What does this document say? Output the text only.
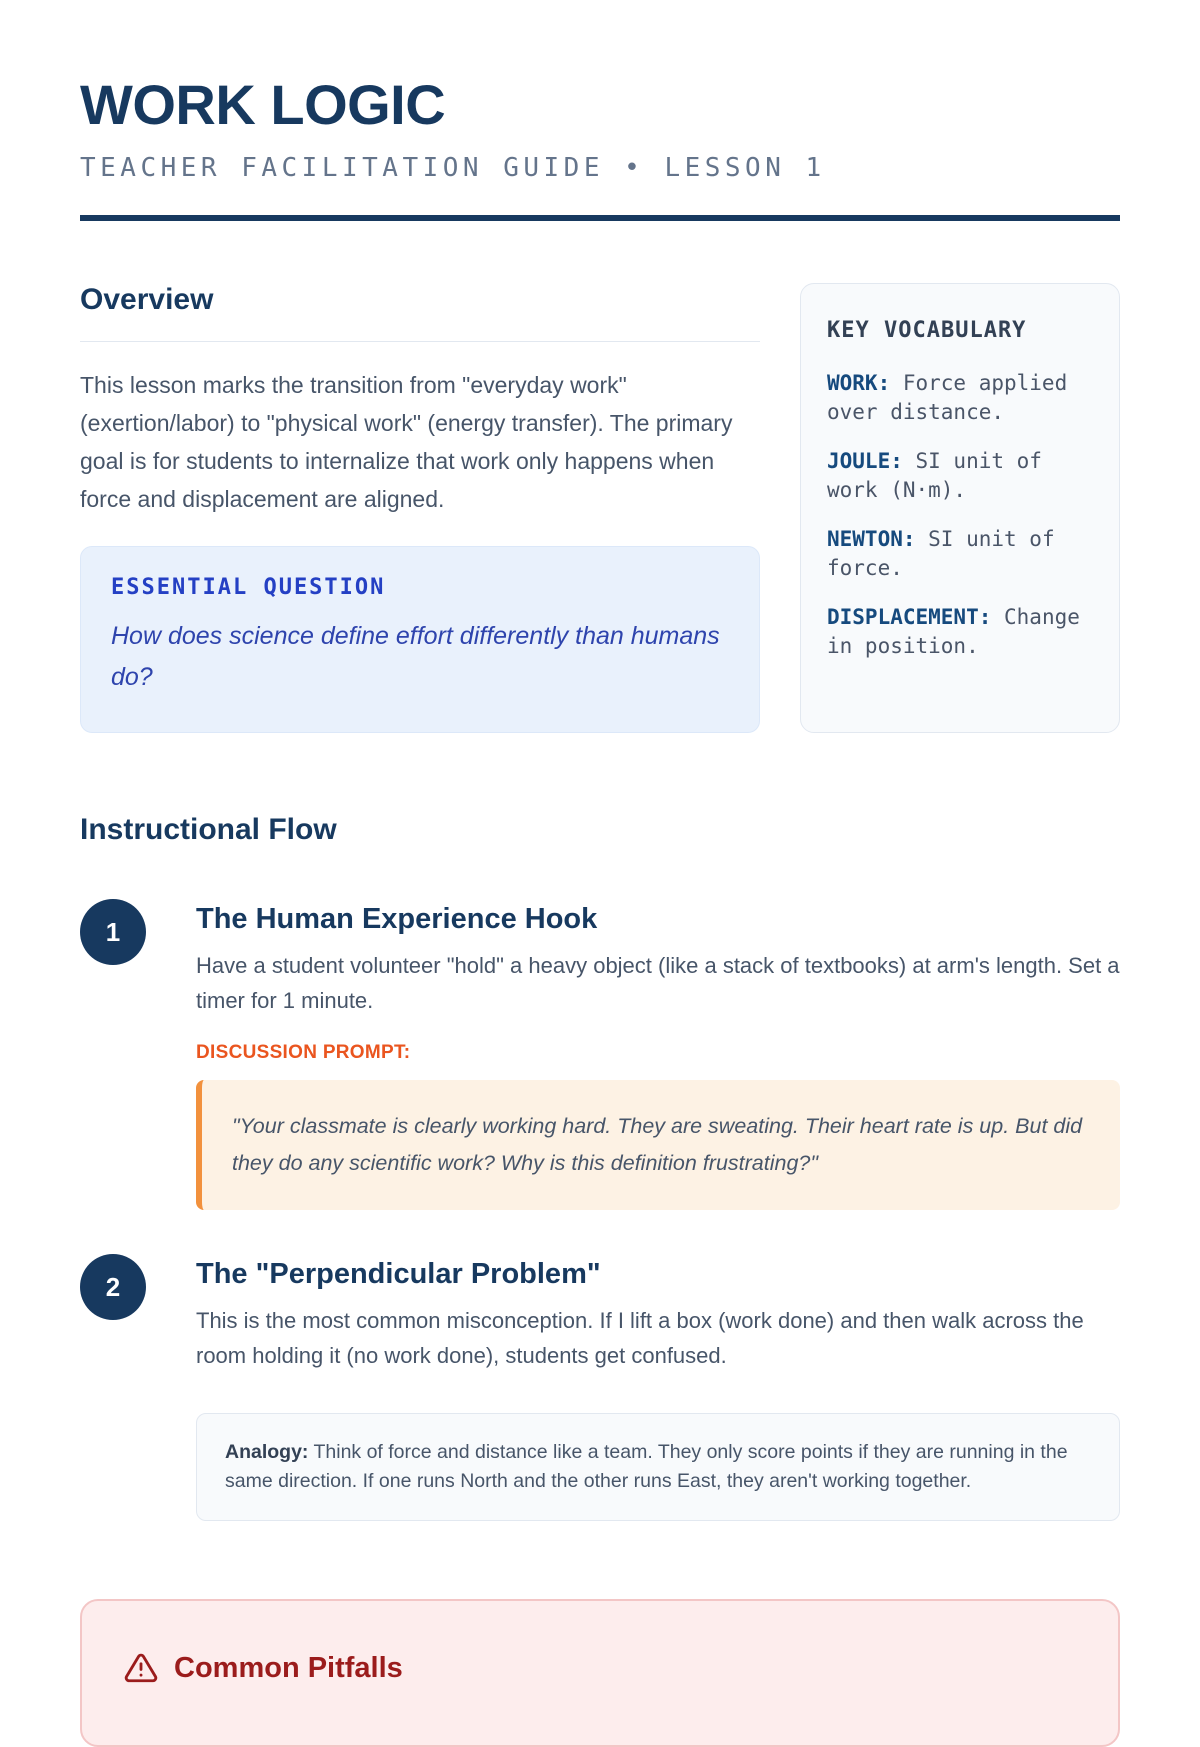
WORK LOGIC
TEACHER FACILITATION GUIDE • LESSON 1
Overview

This lesson marks the transition from "everyday work" (exertion/labor) to "physical work" (energy transfer). The primary goal is for students to internalize that work only happens when force and displacement are aligned.

ESSENTIAL QUESTION
How does science define effort differently than humans do?
KEY VOCABULARY

WORK: Force applied over distance.

JOULE: SI unit of work (N·m).

NEWTON: SI unit of force.

DISPLACEMENT: Change in position.

Instructional Flow
1	The Human Experience Hook

Have a student volunteer "hold" a heavy object (like a stack of textbooks) at arm's length. Set a timer for 1 minute.

DISCUSSION PROMPT:
"Your classmate is clearly working hard. They are sweating. Their heart rate is up. But did they do any scientific work? Why is this definition frustrating?"
2	The "Perpendicular Problem"

This is the most common misconception. If I lift a box (work done) and then walk across the room holding it (no work done), students get confused.

Analogy: Think of force and distance like a team. They only score points if they are running in the same direction. If one runs North and the other runs East, they aren't working together.
Common Pitfalls
